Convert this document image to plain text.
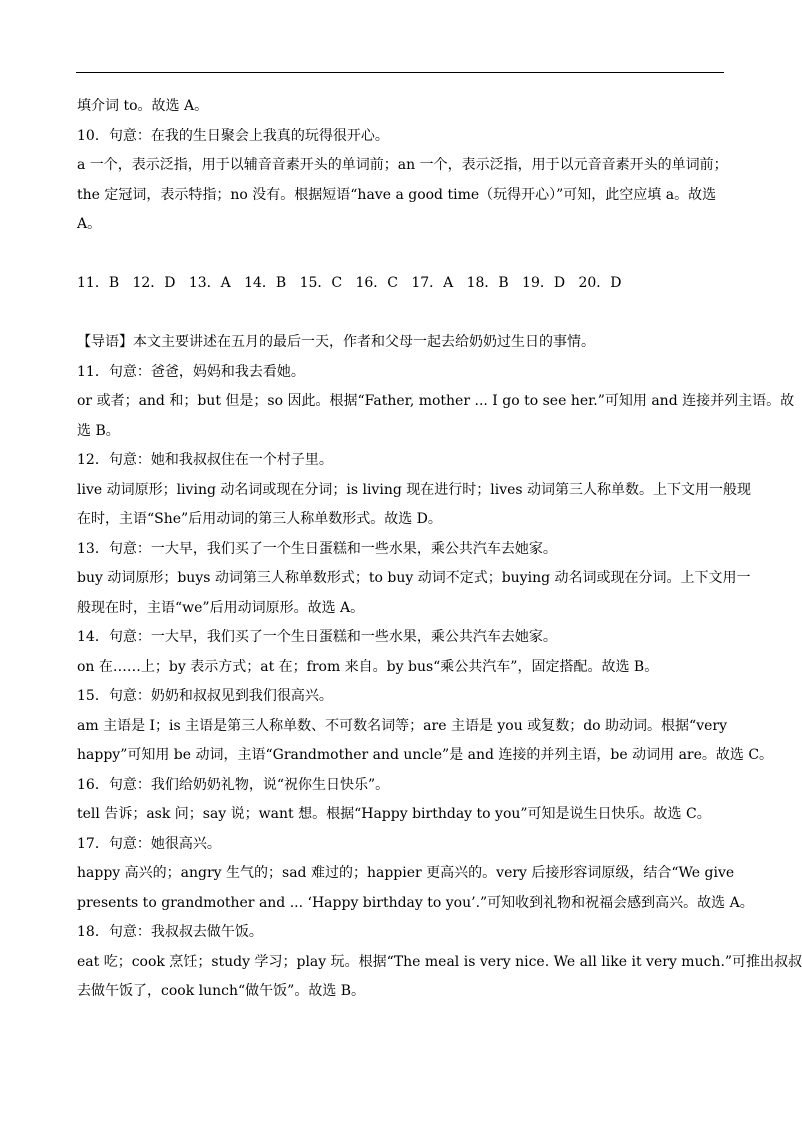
填介词 to。故选 A。
10．句意：在我的生日聚会上我真的玩得很开心。
a 一个，表示泛指，用于以辅音音素开头的单词前；an 一个，表示泛指，用于以元音音素开头的单词前；
the 定冠词，表示特指；no 没有。根据短语“have a good time（玩得开心）”可知，此空应填 a。故选
A。
11．B   12．D   13．A   14．B   15．C   16．C   17．A   18．B   19．D   20．D
【导语】本文主要讲述在五月的最后一天，作者和父母一起去给奶奶过生日的事情。
11．句意：爸爸，妈妈和我去看她。
or 或者；and 和；but 但是；so 因此。根据“Father, mother ... I go to see her.”可知用 and 连接并列主语。故
选 B。
12．句意：她和我叔叔住在一个村子里。
live 动词原形；living 动名词或现在分词；is living 现在进行时；lives 动词第三人称单数。上下文用一般现
在时，主语“She”后用动词的第三人称单数形式。故选 D。
13．句意：一大早，我们买了一个生日蛋糕和一些水果，乘公共汽车去她家。
buy 动词原形；buys 动词第三人称单数形式；to buy 动词不定式；buying 动名词或现在分词。上下文用一
般现在时，主语“we”后用动词原形。故选 A。
14．句意：一大早，我们买了一个生日蛋糕和一些水果，乘公共汽车去她家。
on 在……上；by 表示方式；at 在；from 来自。by bus“乘公共汽车”，固定搭配。故选 B。
15．句意：奶奶和叔叔见到我们很高兴。
am 主语是 I；is 主语是第三人称单数、不可数名词等；are 主语是 you 或复数；do 助动词。根据“very
happy”可知用 be 动词，主语“Grandmother and uncle”是 and 连接的并列主语，be 动词用 are。故选 C。
16．句意：我们给奶奶礼物，说“祝你生日快乐”。
tell 告诉；ask 问；say 说；want 想。根据“Happy birthday to you”可知是说生日快乐。故选 C。
17．句意：她很高兴。
happy 高兴的；angry 生气的；sad 难过的；happier 更高兴的。very 后接形容词原级，结合“We give
presents to grandmother and ... ‘Happy birthday to you’.”可知收到礼物和祝福会感到高兴。故选 A。
18．句意：我叔叔去做午饭。
eat 吃；cook 烹饪；study 学习；play 玩。根据“The meal is very nice. We all like it very much.”可推出叔叔
去做午饭了，cook lunch“做午饭”。故选 B。
